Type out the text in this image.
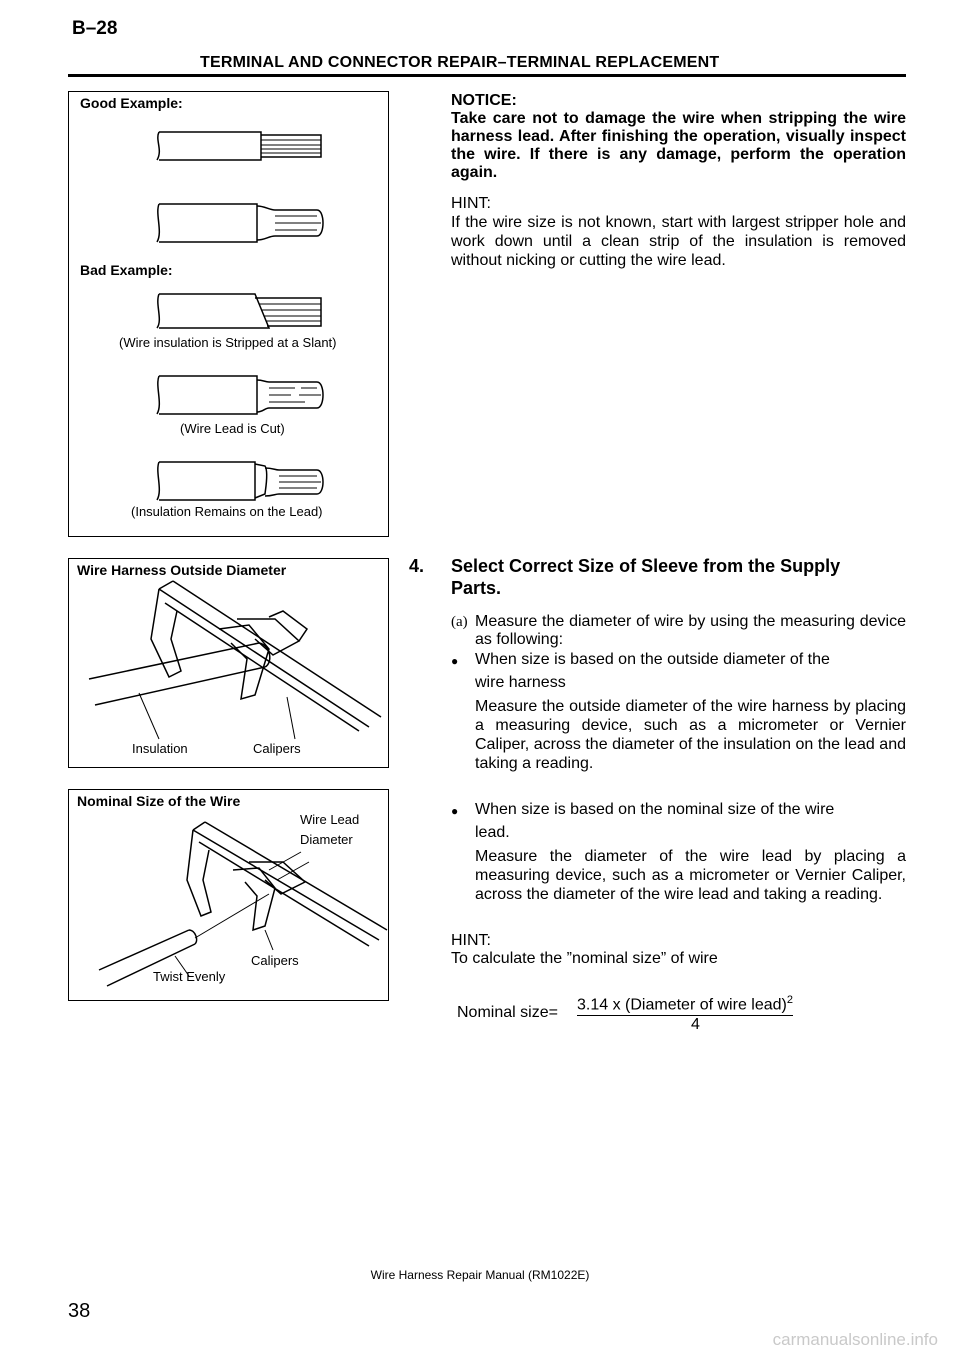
B–28
TERMINAL AND CONNECTOR REPAIR–TERMINAL REPLACEMENT
Good Example:
Bad Example:
(Wire insulation is Stripped at a Slant)
(Wire Lead is Cut)
(Insulation Remains on the Lead)
Wire Harness Outside Diameter
Insulation	Calipers
Nominal Size of the Wire
Wire Lead
Diameter
Calipers
Twist Evenly
NOTICE:
Take care not to damage the wire when stripping the wire harness lead. After finishing the operation, visually inspect the wire. If there is any damage, perform the operation again.
HINT:
If the wire size is not known, start with largest stripper hole and work down until a clean strip of the insulation is removed without nicking or cutting the wire lead.
4. Select Correct Size of Sleeve from the Supply
Parts.
(a) Measure the diameter of wire by using the measuring device as following:
● When size is based on the outside diameter of the
wire harness
Measure the outside diameter of the wire harness by placing a measuring device, such as a micrometer or Vernier Caliper, across the diameter of the insulation on the lead and taking a reading.
● When size is based on the nominal size of the wire
lead.
Measure the diameter of the wire lead by placing a measuring device, such as a micrometer or Vernier Caliper, across the diameter of the wire lead and taking a reading.
HINT:
To calculate the ”nominal size” of wire
Nominal size= 3.14 x (Diameter of wire lead)$^2$
4
Wire Harness Repair Manual (RM1022E)
38
carmanualsonline.info
